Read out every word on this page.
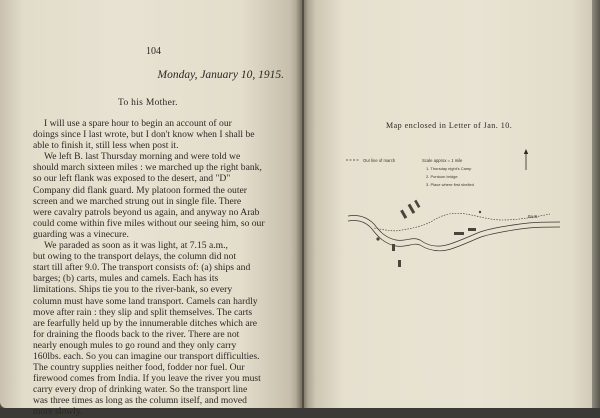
104
Monday, January 10, 1915.
To his Mother.
I will use a spare hour to begin an account of our
doings since I last wrote, but I don't know when I shall be
able to finish it, still less when post it.
We left B. last Thursday morning and were told we
should march sixteen miles : we marched up the right bank,
so our left flank was exposed to the desert, and "D"
Company did flank guard. My platoon formed the outer
screen and we marched strung out in single file. There
were cavalry patrols beyond us again, and anyway no Arab
could come within five miles without our seeing him, so our
guarding was a vinecure.
We paraded as soon as it was light, at 7.15 a.m.,
but owing to the transport delays, the column did not
start till after 9.0. The transport consists of: (a) ships and
barges; (b) carts, mules and camels. Each has its
limitations. Ships tie you to the river-bank, so every
column must have some land transport. Camels can hardly
move after rain : they slip and split themselves. The carts
are fearfully held up by the innumerable ditches which are
for draining the floods back to the river. There are not
nearly enough mules to go round and they only carry
160lbs. each. So you can imagine our transport difficulties.
The country supplies neither food, fodder nor fuel. Our
firewood comes from India. If you leave the river you must
carry every drop of drinking water. So the transport line
was three times as long as the column itself, and moved
more slowly.
Map enclosed in Letter of Jan. 10.
Our line of march	Scale approx = 1 mile
1. Thursday night's Camp
2. Pontoon bridge
3. Place where first shelled
Ba B.
